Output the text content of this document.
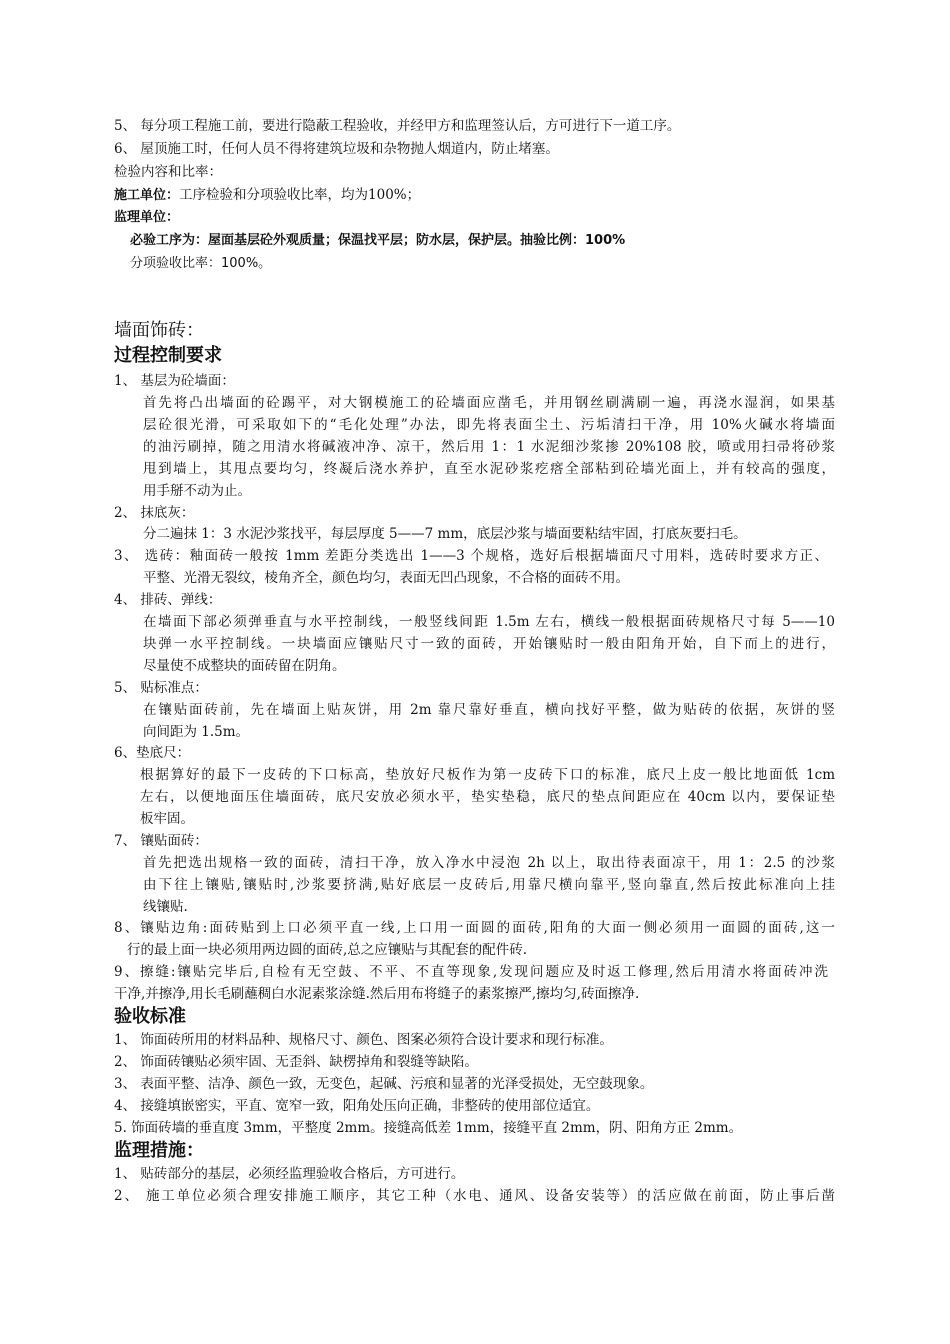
5、 每分项工程施工前，要进行隐蔽工程验收，并经甲方和监理签认后，方可进行下一道工序。
6、 屋顶施工时，任何人员不得将建筑垃圾和杂物抛人烟道内，防止堵塞。
检验内容和比率：
施工单位：工序检验和分项验收比率，均为100%；
监理单位：
必验工序为：屋面基层砼外观质量；保温找平层；防水层，保护层。抽验比例：100%
分项验收比率：100%。
墙面饰砖：
过程控制要求
1、 基层为砼墙面：
首先将凸出墙面的砼踢平，对大钢模施工的砼墙面应凿毛，并用钢丝刷满刷一遍，再浇水湿润，如果基
层砼很光滑，可采取如下的“毛化处理”办法，即先将表面尘土、污垢清扫干净，用 10%火碱水将墙面
的油污刷掉，随之用清水将碱液冲净、凉干，然后用 1：1 水泥细沙浆掺 20%108 胶，喷或用扫帚将砂浆
甩到墙上，其甩点要均匀，终凝后浇水养护，直至水泥砂浆疙瘩全部粘到砼墙光面上，并有较高的强度，
用手掰不动为止。
2、 抹底灰：
分二遍抹 1：3 水泥沙浆找平，每层厚度 5——7 mm，底层沙浆与墙面要粘结牢固，打底灰要扫毛。
3、 选砖：釉面砖一般按 1mm 差距分类选出 1——3 个规格，选好后根据墙面尺寸用料，选砖时要求方正、
平整、光滑无裂纹，棱角齐全，颜色均匀，表面无凹凸现象，不合格的面砖不用。
4、 排砖、弹线：
在墙面下部必须弹垂直与水平控制线，一般竖线间距 1.5m 左右，横线一般根据面砖规格尺寸每 5——10
块弹一水平控制线。一块墙面应镶贴尺寸一致的面砖，开始镶贴时一般由阳角开始，自下而上的进行，
尽量使不成整块的面砖留在阴角。
5、 贴标准点：
在镶贴面砖前，先在墙面上贴灰饼，用 2m 靠尺靠好垂直，横向找好平整，做为贴砖的依据，灰饼的竖
向间距为 1.5m。
6、垫底尺：
根据算好的最下一皮砖的下口标高，垫放好尺板作为第一皮砖下口的标准，底尺上皮一般比地面低 1cm
左右，以便地面压住墙面砖，底尺安放必须水平，垫实垫稳，底尺的垫点间距应在 40cm 以内，要保证垫
板牢固。
7、 镶贴面砖：
首先把选出规格一致的面砖，清扫干净，放入净水中浸泡 2h 以上，取出待表面凉干，用 1：2.5 的沙浆
由下往上镶贴,镶贴时,沙浆要挤满,贴好底层一皮砖后,用靠尺横向靠平,竖向靠直,然后按此标准向上挂
线镶贴.
8、镶贴边角:面砖贴到上口必须平直一线,上口用一面圆的面砖,阳角的大面一侧必须用一面圆的面砖,这一
行的最上面一块必须用两边圆的面砖,总之应镶贴与其配套的配件砖.
9、擦缝:镶贴完毕后,自检有无空鼓、不平、不直等现象,发现问题应及时返工修理,然后用清水将面砖冲洗
干净,并擦净,用长毛刷蘸稠白水泥素浆涂缝.然后用布将缝子的素浆擦严,擦均匀,砖面擦净.
验收标准
1、 饰面砖所用的材料品种、规格尺寸、颜色、图案必须符合设计要求和现行标准。
2、 饰面砖镶贴必须牢固、无歪斜、缺楞掉角和裂缝等缺陷。
3、 表面平整、洁净、颜色一致，无变色，起碱、污痕和显著的光泽受损处，无空鼓现象。
4、 接缝填嵌密实，平直、宽窄一致，阳角处压向正确，非整砖的使用部位适宜。
5. 饰面砖墙的垂直度 3mm，平整度 2mm。接缝高低差 1mm，接缝平直 2mm，阴、阳角方正 2mm。
监理措施：
1、 贴砖部分的基层，必须经监理验收合格后，方可进行。
2、 施工单位必须合理安排施工顺序，其它工种（水电、通风、设备安装等）的活应做在前面，防止事后凿
